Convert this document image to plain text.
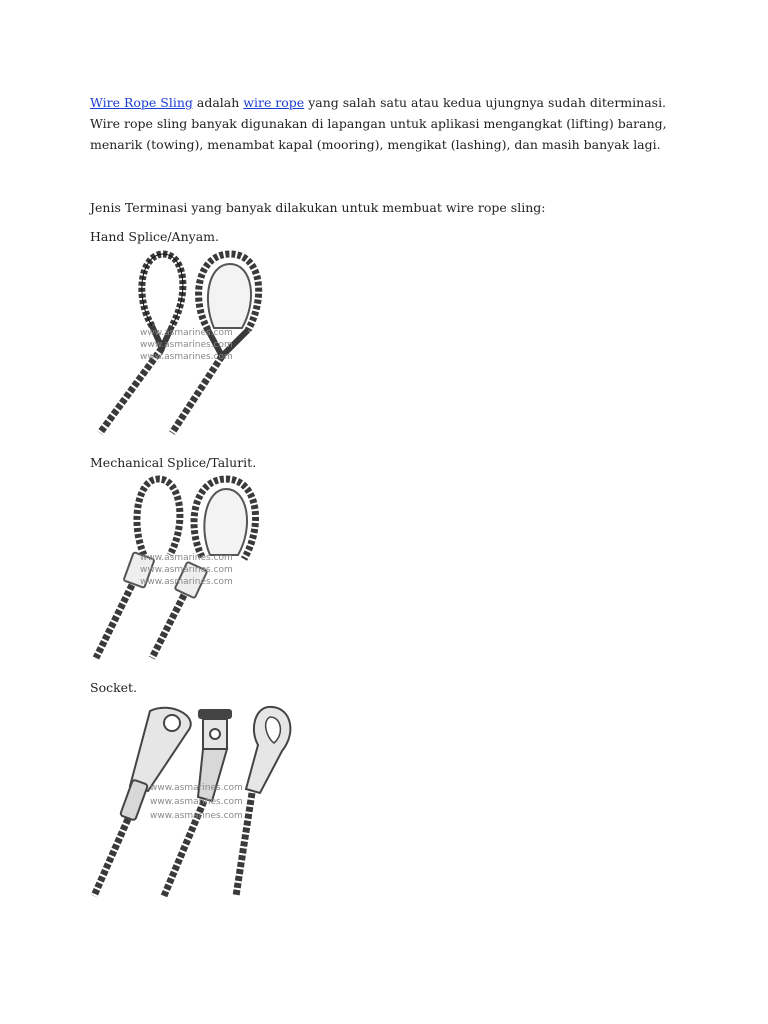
Wire Rope Sling adalah wire rope yang salah satu atau kedua ujungnya sudah diterminasi.
Wire rope sling banyak digunakan di lapangan untuk aplikasi mengangkat (lifting) barang,
menarik (towing), menambat kapal (mooring), mengikat (lashing), dan masih banyak lagi.

Jenis Terminasi yang banyak dilakukan untuk membuat wire rope sling:

Hand Splice/Anyam.

www.asmarines.com
www.asmarines.com
www.asmarines.com

Mechanical Splice/Talurit.

www.asmarines.com
www.asmarines.com
www.asmarines.com

Socket.

www.asmarines.com
www.asmarines.com
www.asmarines.com
